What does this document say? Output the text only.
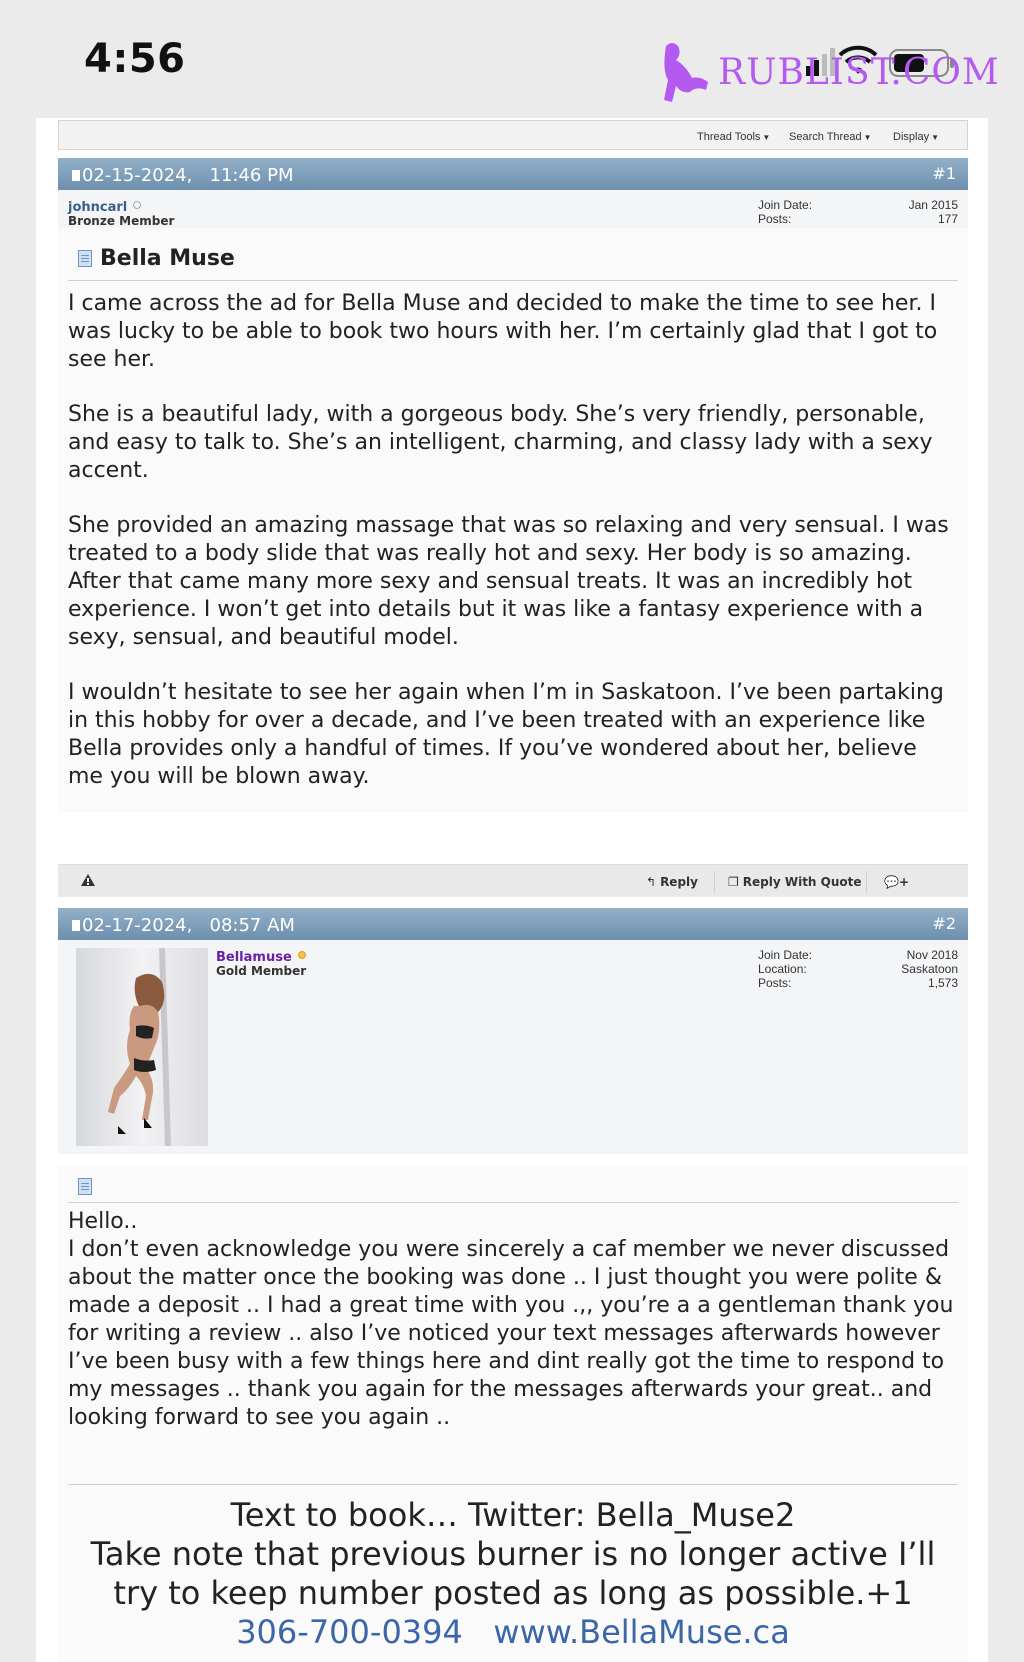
4:56	RUBLIST.COM
Thread Tools ▼ Search Thread ▼ Display ▼
02-15-2024, 11:46 PM	#1
johncarl
Bronze Member
Join Date:	Jan 2015
Posts:	177
Bella Muse

I came across the ad for Bella Muse and decided to make the time to see her. I was lucky to be able to book two hours with her. I’m certainly glad that I got to see her.

She is a beautiful lady, with a gorgeous body. She’s very friendly, personable, and easy to talk to. She’s an intelligent, charming, and classy lady with a sexy accent.

She provided an amazing massage that was so relaxing and very sensual. I was treated to a body slide that was really hot and sexy. Her body is so amazing. After that came many more sexy and sensual treats. It was an incredibly hot experience. I won’t get into details but it was like a fantasy experience with a sexy, sensual, and beautiful model.

I wouldn’t hesitate to see her again when I’m in Saskatoon. I’ve been partaking in this hobby for over a decade, and I’ve been treated with an experience like Bella provides only a handful of times. If you’ve wondered about her, believe me you will be blown away.

↰ Reply	❐ Reply With Quote 💬+
02-17-2024, 08:57 AM	#2
Bellamuse
Gold Member
Join Date:	Nov 2018
Location:	Saskatoon
Posts:	1,573
Hello..
I don’t even acknowledge you were sincerely a caf member we never discussed about the matter once the booking was done .. I just thought you were polite & made a deposit .. I had a great time with you .,, you’re a a gentleman thank you for writing a review .. also I’ve noticed your text messages afterwards however I’ve been busy with a few things here and dint really got the time to respond to my messages .. thank you again for the messages afterwards your great.. and looking forward to see you again ..
Text to book… Twitter: Bella_Muse2
Take note that previous burner is no longer active I’ll
try to keep number posted as long as possible.+1
306-700-0394 www.BellaMuse.ca
